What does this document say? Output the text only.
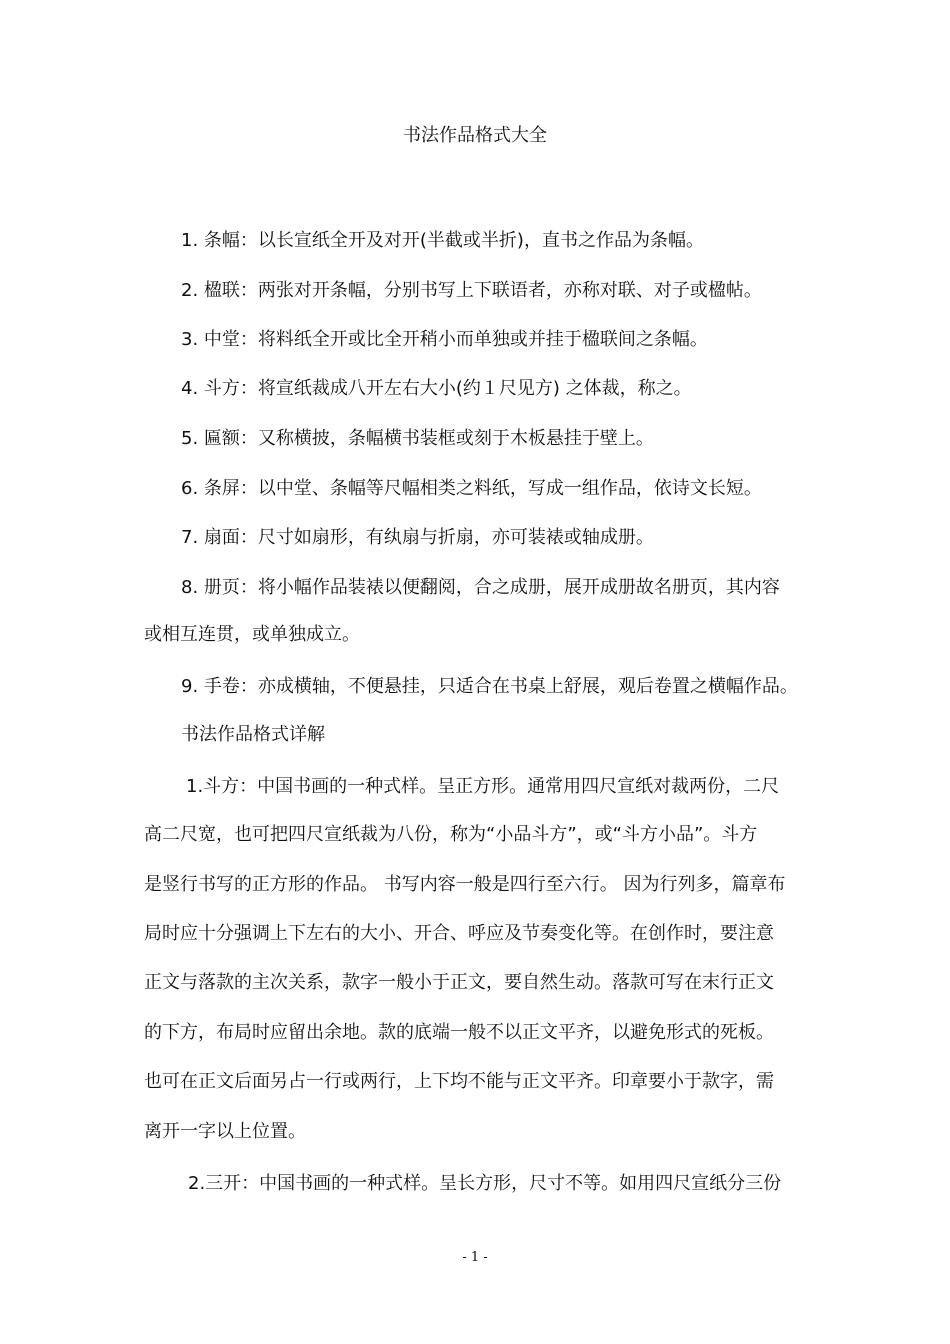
书法作品格式大全
1. 条幅：以长宣纸全开及对开(半截或半折)，直书之作品为条幅。
2. 楹联：两张对开条幅，分别书写上下联语者，亦称对联、对子或楹帖。
3. 中堂：将料纸全开或比全开稍小而单独或并挂于楹联间之条幅。
4. 斗方：将宣纸裁成八开左右大小(约１尺见方) 之体裁，称之。
5. 匾额：又称横披，条幅横书装框或刻于木板悬挂于壁上。
6. 条屏：以中堂、条幅等尺幅相类之料纸，写成一组作品，依诗文长短。
7. 扇面：尺寸如扇形，有纨扇与折扇，亦可装裱或轴成册。
8. 册页：将小幅作品装裱以便翻阅，合之成册，展开成册故名册页，其内容
或相互连贯，或单独成立。
9. 手卷：亦成横轴，不便悬挂，只适合在书桌上舒展，观后卷置之横幅作品。
书法作品格式详解
1.斗方：中国书画的一种式样。呈正方形。通常用四尺宣纸对裁两份，二尺
高二尺宽，也可把四尺宣纸裁为八份，称为“小品斗方”，或“斗方小品”。斗方
是竖行书写的正方形的作品。 书写内容一般是四行至六行。 因为行列多，篇章布
局时应十分强调上下左右的大小、开合、呼应及节奏变化等。在创作时，要注意
正文与落款的主次关系，款字一般小于正文，要自然生动。落款可写在末行正文
的下方，布局时应留出余地。款的底端一般不以正文平齐，以避免形式的死板。
也可在正文后面另占一行或两行，上下均不能与正文平齐。印章要小于款字，需
离开一字以上位置。
2.三开：中国书画的一种式样。呈长方形，尺寸不等。如用四尺宣纸分三份
- 1 -
